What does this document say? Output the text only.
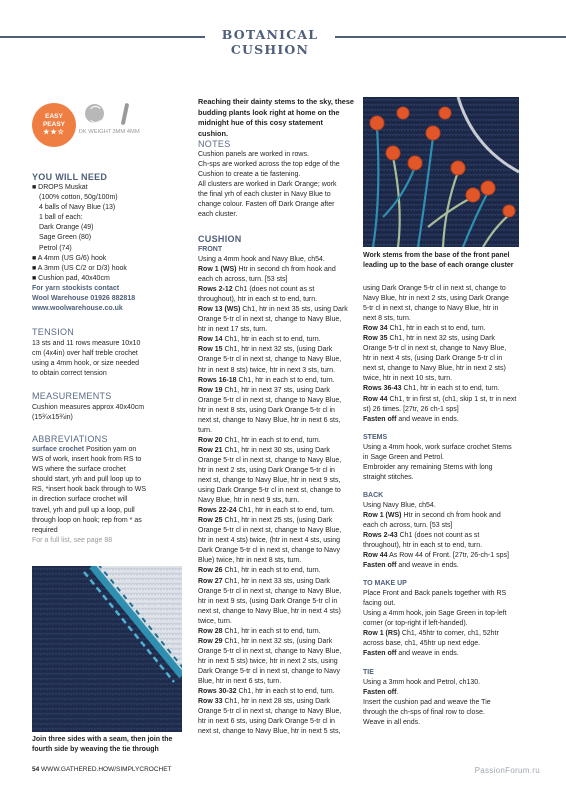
BOTANICAL CUSHION
EASY
PEASY
★★☆	DK WEIGHT 3MM 4MM
YOU WILL NEED
■ DROPS Muskat
(100% cotton, 50g/100m)
4 balls of Navy Blue (13)
1 ball of each:
Dark Orange (49)
Sage Green (80)
Petrol (74)
■ A 4mm (US G/6) hook
■ A 3mm (US C/2 or D/3) hook
■ Cushion pad, 40x40cm
For yarn stockists contact
Wool Warehouse 01926 882818
www.woolwarehouse.co.uk
TENSION
13 sts and 11 rows measure 10x10
cm (4x4in) over half treble crochet
using a 4mm hook, or size needed
to obtain correct tension
MEASUREMENTS
Cushion measures approx 40x40cm
(15¾x15¾in)
ABBREVIATIONS
surface crochet Position yarn on
WS of work, insert hook from RS to
WS where the surface crochet
should start, yrh and pull loop up to
RS, *insert hook back through to WS
in direction surface crochet will
travel, yrh and pull up a loop, pull
through loop on hook; rep from * as
required
For a full list, see page 88
Join three sides with a seam, then join the
fourth side by weaving the tie through
Reaching their dainty stems to the sky, these
budding plants look right at home on the
midnight hue of this cosy statement cushion.
NOTES
Cushion panels are worked in rows.
Ch-sps are worked across the top edge of the
Cushion to create a tie fastening.
All clusters are worked in Dark Orange; work
the final yrh of each cluster in Navy Blue to
change colour. Fasten off Dark Orange after
each cluster.
CUSHION
FRONT
Using a 4mm hook and Navy Blue, ch54.
Row 1 (WS) Htr in second ch from hook and
each ch across, turn. [53 sts]
Rows 2-12 Ch1 (does not count as st
throughout), htr in each st to end, turn.
Row 13 (WS) Ch1, htr in next 35 sts, using Dark
Orange 5-tr cl in next st, change to Navy Blue,
htr in next 17 sts, turn.
Row 14 Ch1, htr in each st to end, turn.
Row 15 Ch1, htr in next 32 sts, (using Dark
Orange 5-tr cl in next st, change to Navy Blue,
htr in next 8 sts) twice, htr in next 3 sts, turn.
Rows 16-18 Ch1, htr in each st to end, turn.
Row 19 Ch1, htr in next 37 sts, using Dark
Orange 5-tr cl in next st, change to Navy Blue,
htr in next 8 sts, using Dark Orange 5-tr cl in
next st, change to Navy Blue, htr in next 6 sts,
turn.
Row 20 Ch1, htr in each st to end, turn.
Row 21 Ch1, htr in next 30 sts, using Dark
Orange 5-tr cl in next st, change to Navy Blue,
htr in next 2 sts, using Dark Orange 5-tr cl in
next st, change to Navy Blue, htr in next 9 sts,
using Dark Orange 5-tr cl in next st, change to
Navy Blue, htr in next 9 sts, turn.
Rows 22-24 Ch1, htr in each st to end, turn.
Row 25 Ch1, htr in next 25 sts, (using Dark
Orange 5-tr cl in next st, change to Navy Blue,
htr in next 4 sts) twice, (htr in next 4 sts, using
Dark Orange 5-tr cl in next st, change to Navy
Blue) twice, htr in next 8 sts, turn.
Row 26 Ch1, htr in each st to end, turn.
Row 27 Ch1, htr in next 33 sts, using Dark
Orange 5-tr cl in next st, change to Navy Blue,
htr in next 9 sts, (using Dark Orange 5-tr cl in
next st, change to Navy Blue, htr in next 4 sts)
twice, turn.
Row 28 Ch1, htr in each st to end, turn.
Row 29 Ch1, htr in next 32 sts, (using Dark
Orange 5-tr cl in next st, change to Navy Blue,
htr in next 5 sts) twice, htr in next 2 sts, using
Dark Orange 5-tr cl in next st, change to Navy
Blue, htr in next 6 sts, turn.
Rows 30-32 Ch1, htr in each st to end, turn.
Row 33 Ch1, htr in next 28 sts, using Dark
Orange 5-tr cl in next st, change to Navy Blue,
htr in next 6 sts, using Dark Orange 5-tr cl in
next st, change to Navy Blue, htr in next 5 sts,
Work stems from the base of the front panel
leading up to the base of each orange cluster
using Dark Orange 5-tr cl in next st, change to
Navy Blue, htr in next 2 sts, using Dark Orange
5-tr cl in next st, change to Navy Blue, htr in
next 8 sts, turn.
Row 34 Ch1, htr in each st to end, turn.
Row 35 Ch1, htr in next 32 sts, using Dark
Orange 5-tr cl in next st, change to Navy Blue,
htr in next 4 sts, (using Dark Orange 5-tr cl in
next st, change to Navy Blue, htr in next 2 sts)
twice, htr in next 10 sts, turn.
Rows 36-43 Ch1, htr in each st to end, turn.
Row 44 Ch1, tr in first st, (ch1, skip 1 st, tr in next
st) 26 times. [27tr, 26 ch-1 sps]
Fasten off and weave in ends.
STEMS
Using a 4mm hook, work surface crochet Stems
in Sage Green and Petrol.
Embroider any remaining Stems with long
straight stitches.
BACK
Using Navy Blue, ch54.
Row 1 (WS) Htr in second ch from hook and
each ch across, turn. [53 sts]
Rows 2-43 Ch1 (does not count as st
throughout), htr in each st to end, turn.
Row 44 As Row 44 of Front. [27tr, 26-ch-1 sps]
Fasten off and weave in ends.
TO MAKE UP
Place Front and Back panels together with RS
facing out.
Using a 4mm hook, join Sage Green in top-left
corner (or top-right if left-handed).
Row 1 (RS) Ch1, 45htr to corner, ch1, 52htr
across base, ch1, 45htr up next edge.
Fasten off and weave in ends.
TIE
Using a 3mm hook and Petrol, ch130.
Fasten off.
Insert the cushion pad and weave the Tie
through the ch-sps of final row to close.
Weave in all ends.
54 WWW.GATHERED.HOW/SIMPLYCROCHET	PassionForum.ru
